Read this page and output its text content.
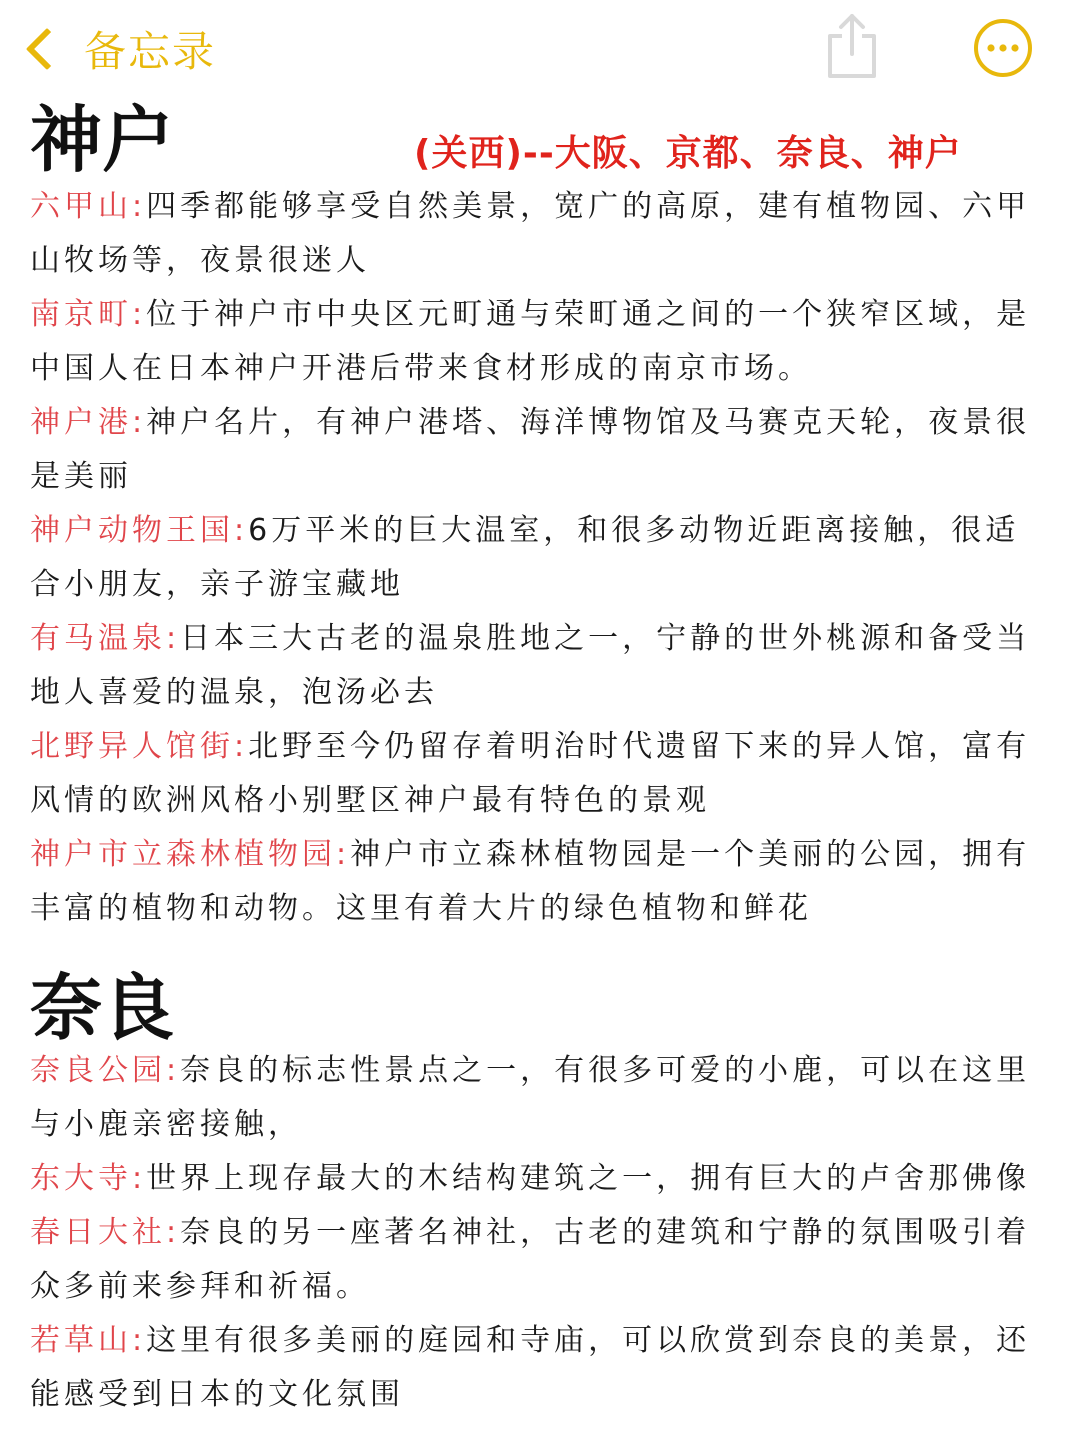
备忘录
神户	(关西)--大阪、京都、奈良、神户

六甲山:四季都能够享受自然美景，宽广的高原，建有植物园、六甲山牧场等，夜景很迷人

南京町:位于神户市中央区元町通与荣町通之间的一个狭窄区域，是中国人在日本神户开港后带来食材形成的南京市场。

神户港:神户名片，有神户港塔、海洋博物馆及马赛克天轮，夜景很是美丽

神户动物王国:6万平米的巨大温室，和很多动物近距离接触，很适合小朋友，亲子游宝藏地

有马温泉:日本三大古老的温泉胜地之一，宁静的世外桃源和备受当地人喜爱的温泉，泡汤必去

北野异人馆街:北野至今仍留存着明治时代遗留下来的异人馆，富有风情的欧洲风格小别墅区神户最有特色的景观

神户市立森林植物园:神户市立森林植物园是一个美丽的公园，拥有丰富的植物和动物。这里有着大片的绿色植物和鲜花

奈良

奈良公园:奈良的标志性景点之一，有很多可爱的小鹿，可以在这里与小鹿亲密接触，

东大寺:世界上现存最大的木结构建筑之一，拥有巨大的卢舍那佛像

春日大社:奈良的另一座著名神社，古老的建筑和宁静的氛围吸引着众多前来参拜和祈福。

若草山:这里有很多美丽的庭园和寺庙，可以欣赏到奈良的美景，还能感受到日本的文化氛围
